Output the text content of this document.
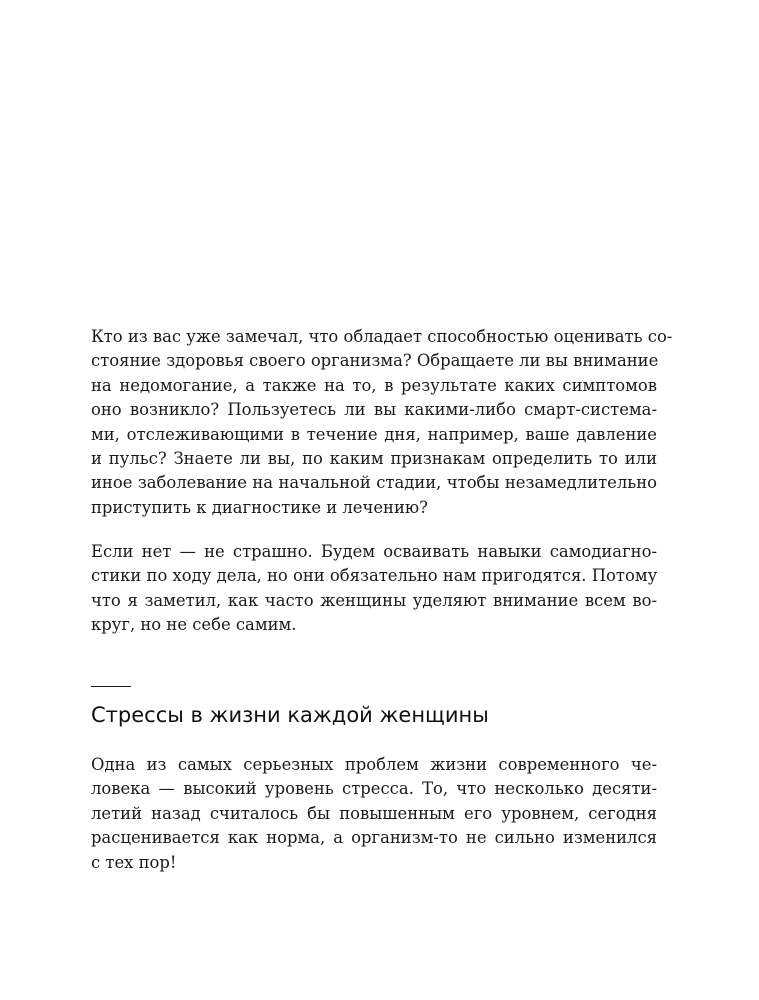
Кто из вас уже замечал, что обладает способностью оценивать со-
стояние здоровья своего организма? Обращаете ли вы внимание
на недомогание, а также на то, в результате каких симптомов
оно возникло? Пользуетесь ли вы какими-либо смарт-система-
ми, отслеживающими в течение дня, например, ваше давление
и пульс? Знаете ли вы, по каким признакам определить то или
иное заболевание на начальной стадии, чтобы незамедлительно
приступить к диагностике и лечению?
Если нет — не страшно. Будем осваивать навыки самодиагно-
стики по ходу дела, но они обязательно нам пригодятся. Потому
что я заметил, как часто женщины уделяют внимание всем во-
круг, но не себе самим.
Стрессы в жизни каждой женщины
Одна из самых серьезных проблем жизни современного че-
ловека — высокий уровень стресса. То, что несколько десяти-
летий назад считалось бы повышенным его уровнем, сегодня
расценивается как норма, а организм-то не сильно изменился
с тех пор!
